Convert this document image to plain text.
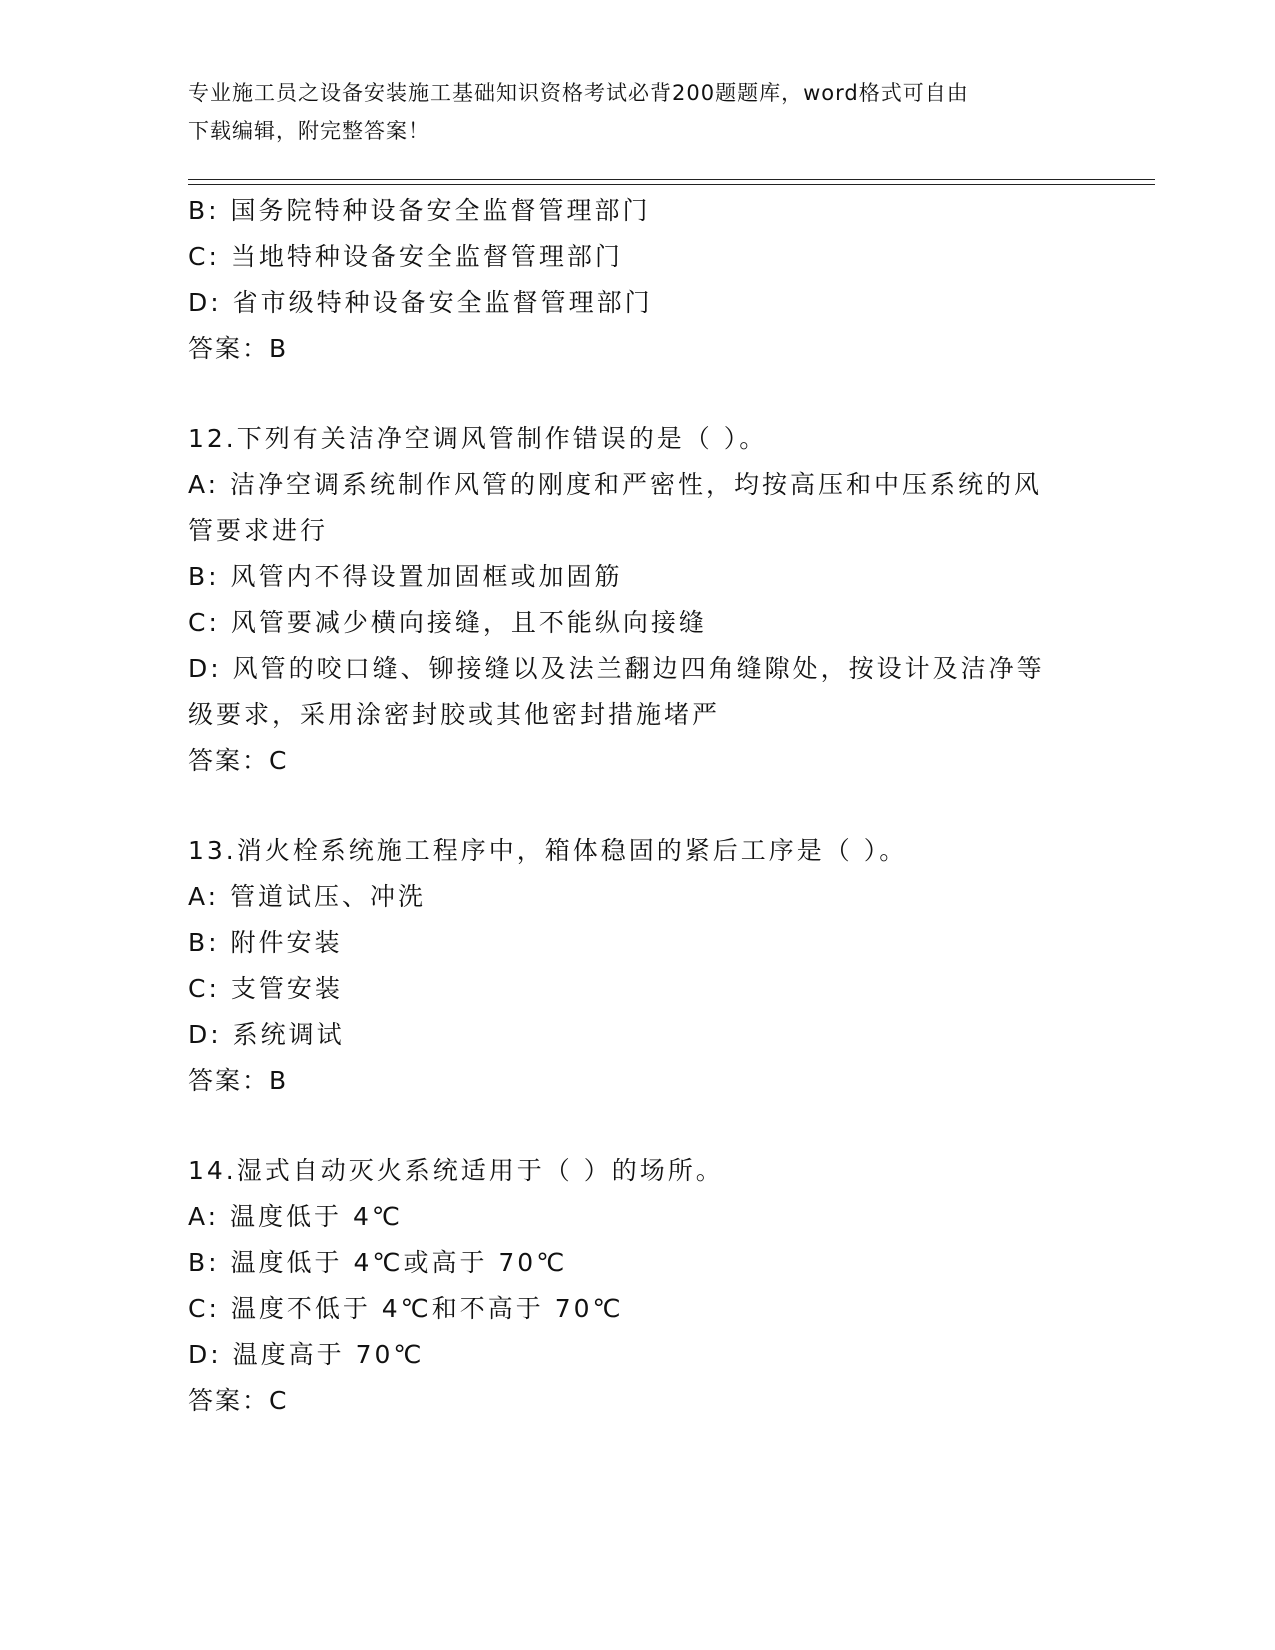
专业施工员之设备安装施工基础知识资格考试必背200题题库，word格式可自由
下载编辑，附完整答案！
B: 国务院特种设备安全监督管理部门
C: 当地特种设备安全监督管理部门
D: 省市级特种设备安全监督管理部门
答案：B
12.下列有关洁净空调风管制作错误的是（ ）。
A: 洁净空调系统制作风管的刚度和严密性，均按高压和中压系统的风
管要求进行
B: 风管内不得设置加固框或加固筋
C: 风管要减少横向接缝，且不能纵向接缝
D: 风管的咬口缝、铆接缝以及法兰翻边四角缝隙处，按设计及洁净等
级要求，采用涂密封胶或其他密封措施堵严
答案：C
13.消火栓系统施工程序中，箱体稳固的紧后工序是（ ）。
A: 管道试压、冲洗
B: 附件安装
C: 支管安装
D: 系统调试
答案：B
14.湿式自动灭火系统适用于（ ）的场所。
A: 温度低于 4℃
B: 温度低于 4℃或高于 70℃
C: 温度不低于 4℃和不高于 70℃
D: 温度高于 70℃
答案：C
